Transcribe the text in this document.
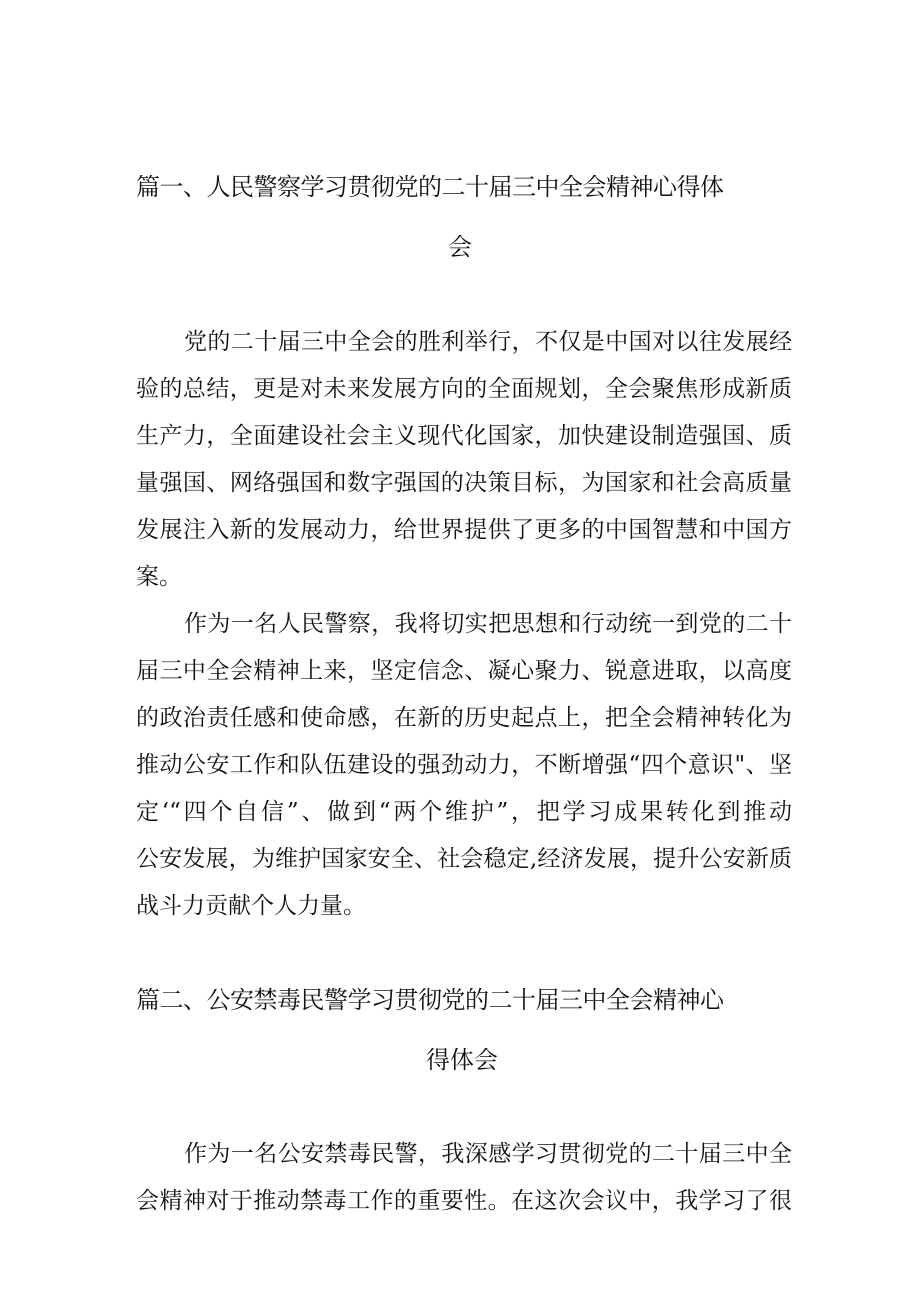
篇一、人民警察学习贯彻党的二十届三中全会精神心得体
会
党的二十届三中全会的胜利举行，不仅是中国对以往发展经
验的总结，更是对未来发展方向的全面规划，全会聚焦形成新质
生产力，全面建设社会主义现代化国家，加快建设制造强国、质
量强国、网络强国和数字强国的决策目标，为国家和社会高质量
发展注入新的发展动力，给世界提供了更多的中国智慧和中国方
案。
作为一名人民警察，我将切实把思想和行动统一到党的二十
届三中全会精神上来，坚定信念、凝心聚力、锐意进取，以高度
的政治责任感和使命感，在新的历史起点上，把全会精神转化为
推动公安工作和队伍建设的强劲动力，不断增强“四个意识"、坚
定‘“四个自信”、做到“两个维护”，把学习成果转化到推动
公安发展，为维护国家安全、社会稳定,经济发展，提升公安新质
战斗力贡献个人力量。
篇二、公安禁毒民警学习贯彻党的二十届三中全会精神心
得体会
作为一名公安禁毒民警，我深感学习贯彻党的二十届三中全
会精神对于推动禁毒工作的重要性。在这次会议中，我学习了很
